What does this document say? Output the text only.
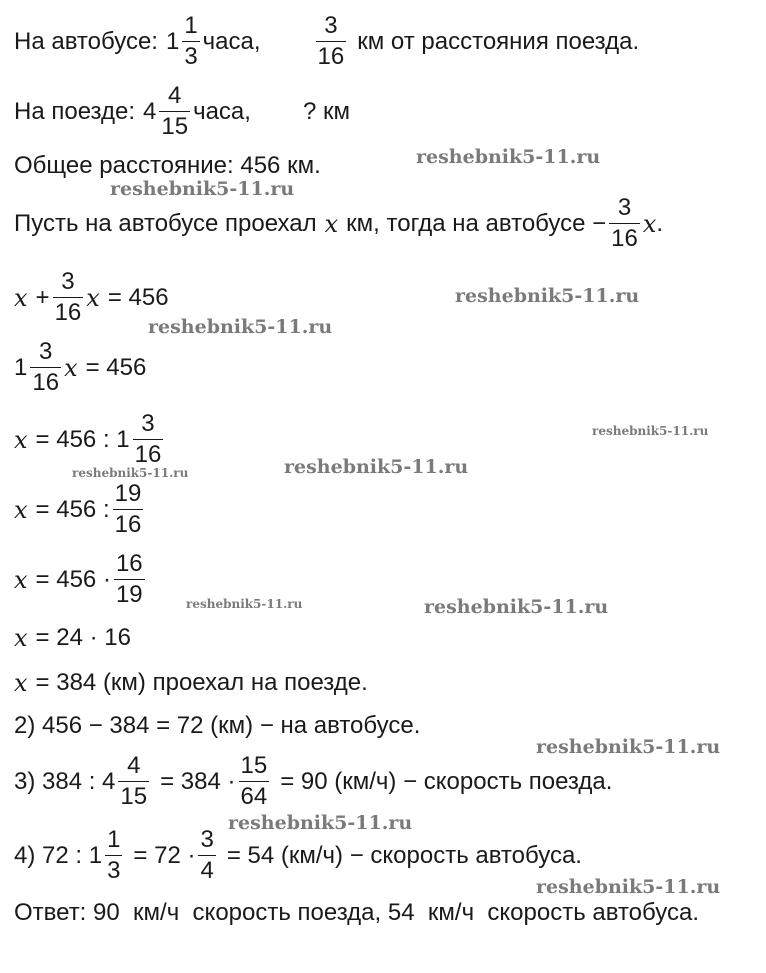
На автобусе: $1 \frac{1}{3}$ часа, $\frac{3}{16}$ км от расстояния поезда.
На поезде: $4 \frac{4}{15}$ часа, ? км
Общее расстояние: 456 км.
Пусть на автобусе проехал x км, тогда на автобусе − $\frac{3}{16}$ x .
$x + \frac{3}{16}$ x = 456
$1 \frac{3}{16}$ x = 456
x = 456 : $1 \frac{3}{16}$
x = 456 : $\frac{19}{16}$
$x = 456 \cdot \frac{16}{19}$
x = 24 · 16
x = 384 (км) проехал на поезде.
2) 456 − 384 = 72 (км) − на автобусе.
3) 384 : $4 \frac{4}{15} = 384 \cdot \frac{15}{64} = 90$ (км/ч) − скорость поезда.
4) 72 : $1 \frac{1}{3} = 72 \cdot \frac{3}{4} = 54$ (км/ч) − скорость автобуса.
Ответ: 90  км/ч  скорость поезда, 54  км/ч  скорость автобуса.
reshebnik5-11.ru
reshebnik5-11.ru
reshebnik5-11.ru
reshebnik5-11.ru
reshebnik5-11.ru
reshebnik5-11.ru
reshebnik5-11.ru
reshebnik5-11.ru	reshebnik5-11.ru
reshebnik5-11.ru
reshebnik5-11.ru
reshebnik5-11.ru
